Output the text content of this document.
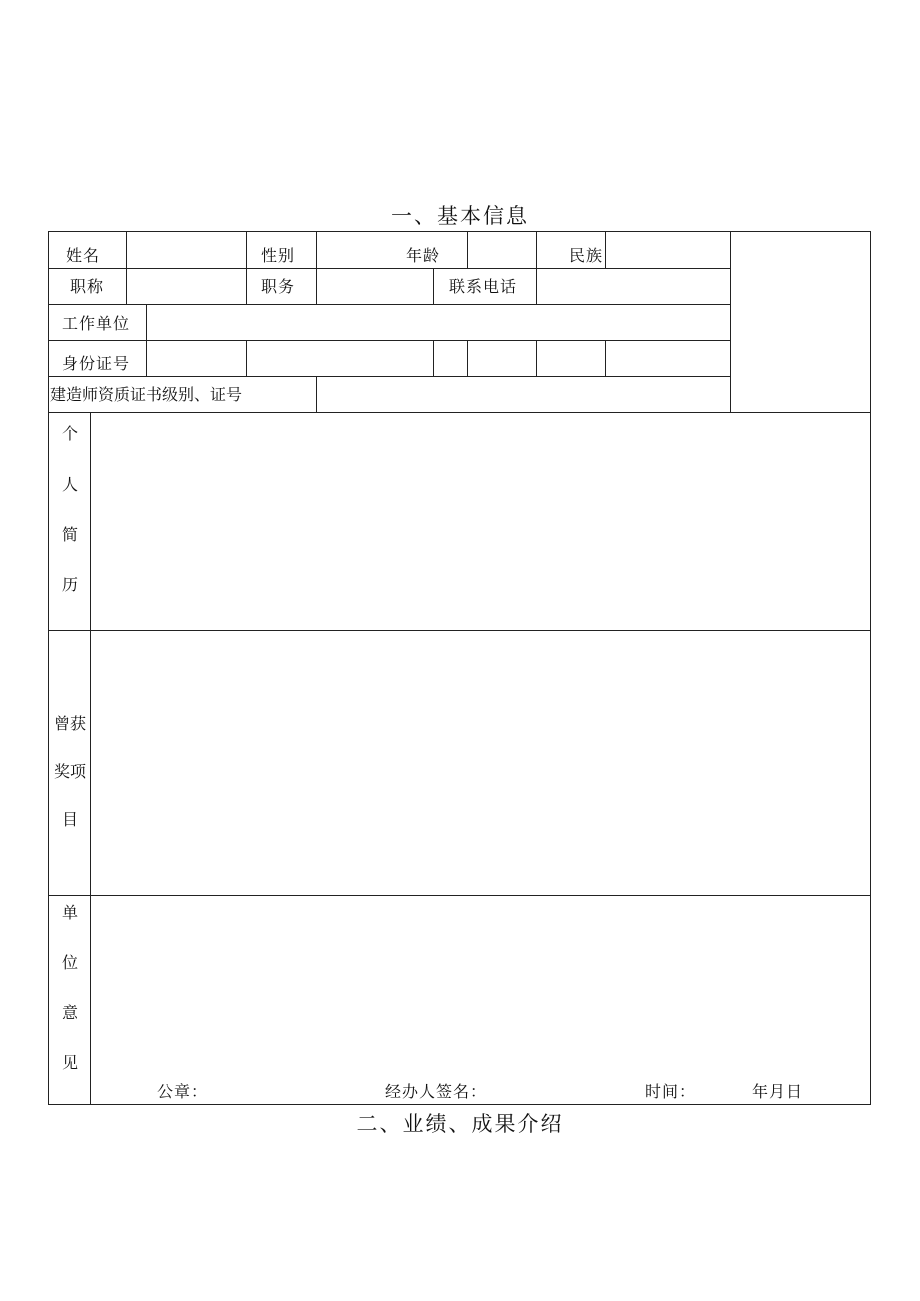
一、基本信息
姓名	性别	年龄	民族
职称	职务	联系电话
工作单位
身份证号
建造师资质证书级别、证号
个
人
简
历
曾获
奖项
目
单
位
意
见
公章：	经办人签名：	时间：	年月日
二、业绩、成果介绍
